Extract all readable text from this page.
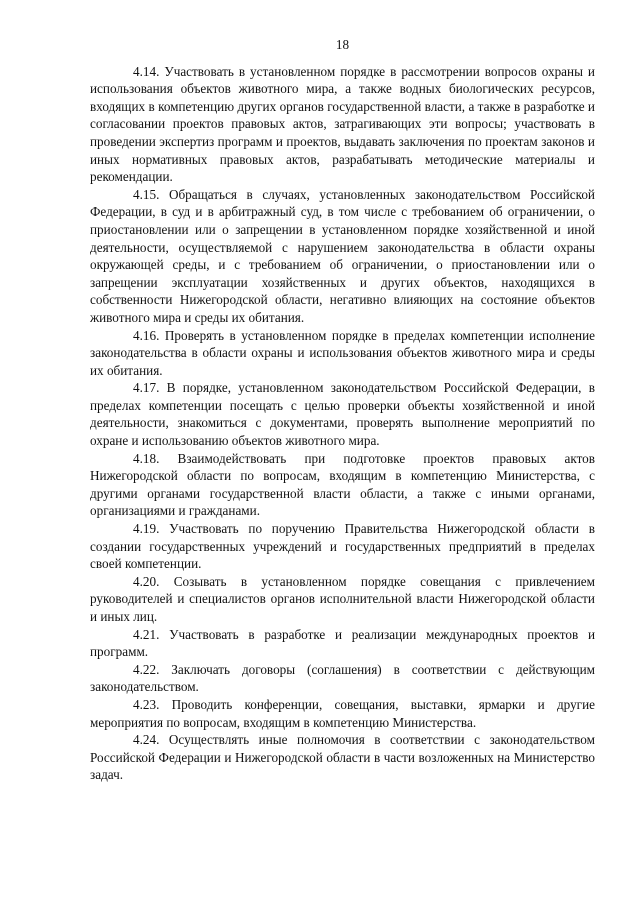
18

4.14. Участвовать в установленном порядке в рассмотрении вопросов охраны и использования объектов животного мира, а также водных биологических ресурсов, входящих в компетенцию других органов государственной власти, а также в разработке и согласовании проектов правовых актов, затрагивающих эти вопросы; участвовать в проведении экспертиз программ и проектов, выдавать заключения по проектам законов и иных нормативных правовых актов, разрабатывать методические материалы и рекомендации.

4.15. Обращаться в случаях, установленных законодательством Российской Федерации, в суд и в арбитражный суд, в том числе с требованием об ограничении, о приостановлении или о запрещении в установленном порядке хозяйственной и иной деятельности, осуществляемой с нарушением законодательства в области охраны окружающей среды, и с требованием об ограничении, о приостановлении или о запрещении эксплуатации хозяйственных и других объектов, находящихся в собственности Нижегородской области, негативно влияющих на состояние объектов животного мира и среды их обитания.

4.16. Проверять в установленном порядке в пределах компетенции исполнение законодательства в области охраны и использования объектов животного мира и среды их обитания.

4.17. В порядке, установленном законодательством Российской Федерации, в пределах компетенции посещать с целью проверки объекты хозяйственной и иной деятельности, знакомиться с документами, проверять выполнение мероприятий по охране и использованию объектов животного мира.

4.18. Взаимодействовать при подготовке проектов правовых актов Нижегородской области по вопросам, входящим в компетенцию Министерства, с другими органами государственной власти области, а также с иными органами, организациями и гражданами.

4.19. Участвовать по поручению Правительства Нижегородской области в создании государственных учреждений и государственных предприятий в пределах своей компетенции.

4.20. Созывать в установленном порядке совещания с привлечением руководителей и специалистов органов исполнительной власти Нижегородской области и иных лиц.

4.21. Участвовать в разработке и реализации международных проектов и программ.

4.22. Заключать договоры (соглашения) в соответствии с действующим законодательством.

4.23. Проводить конференции, совещания, выставки, ярмарки и другие мероприятия по вопросам, входящим в компетенцию Министерства.

4.24. Осуществлять иные полномочия в соответствии с законодательством Российской Федерации и Нижегородской области в части возложенных на Министерство задач.
